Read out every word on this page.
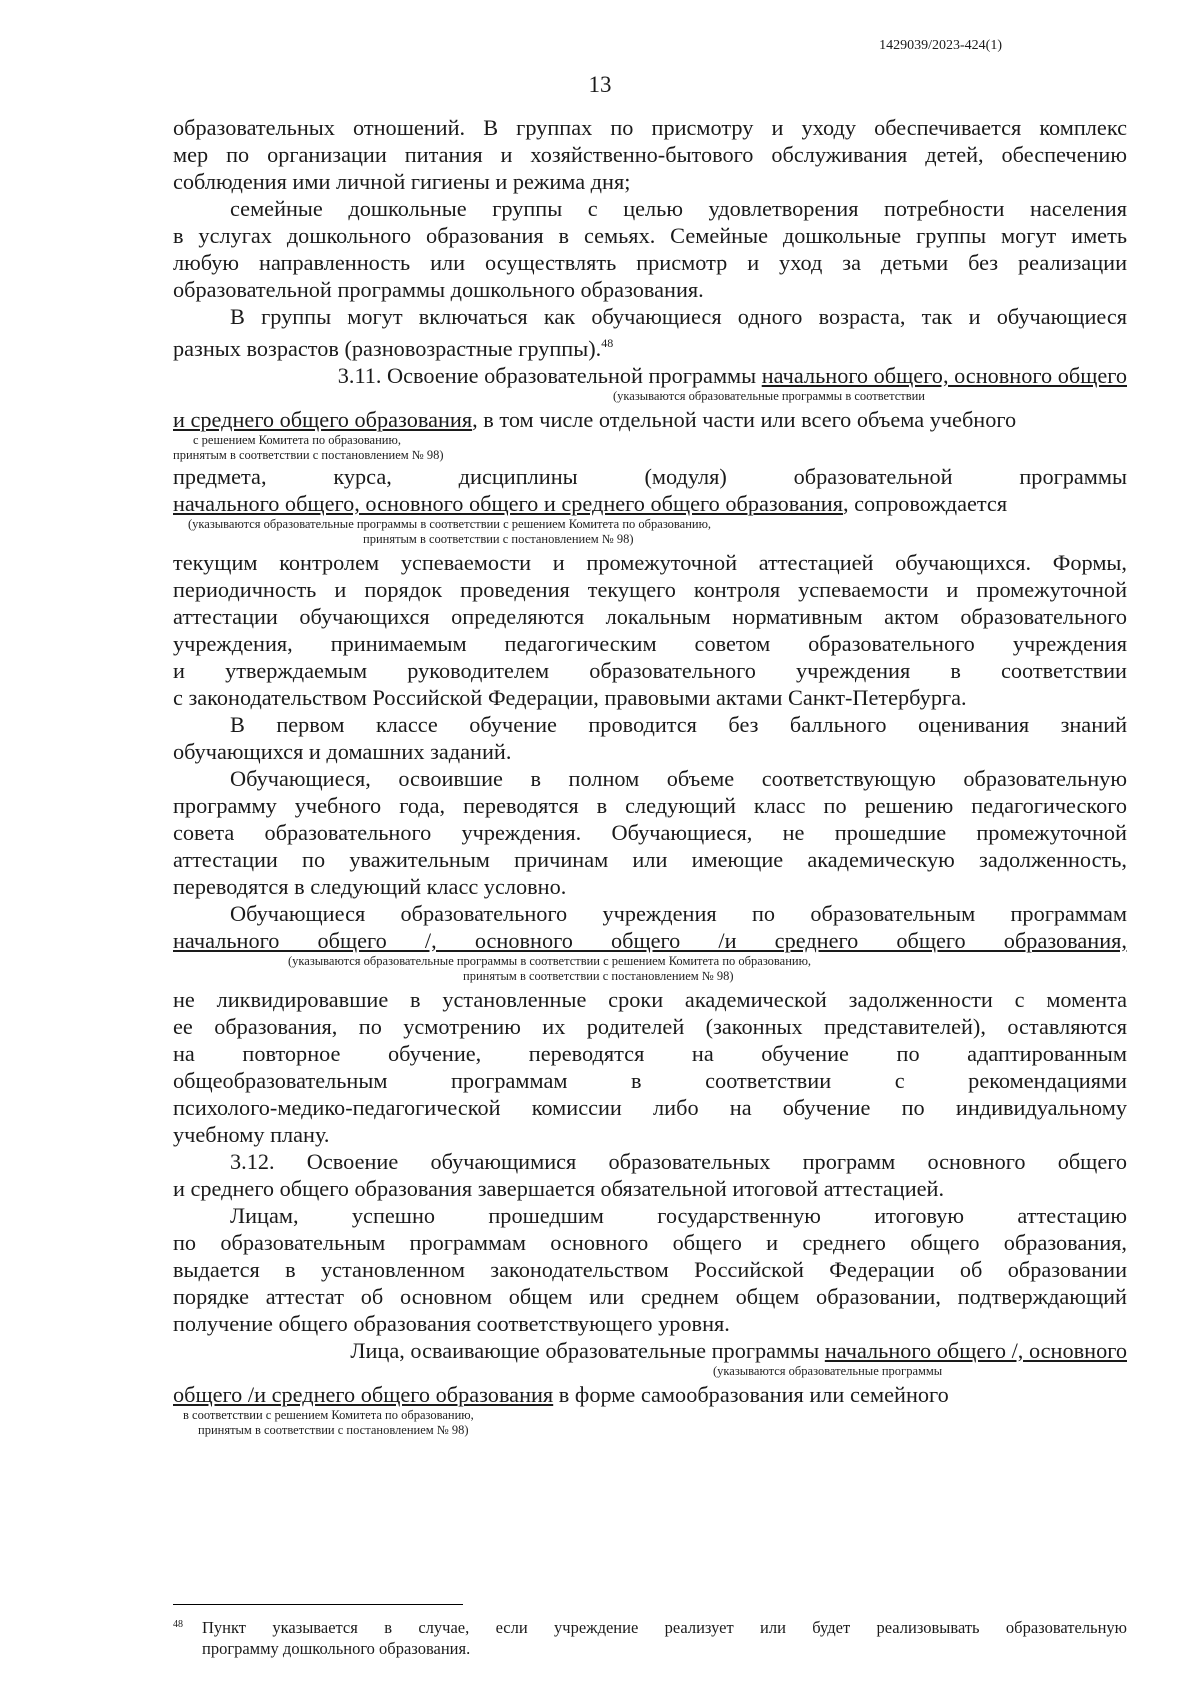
1429039/2023-424(1)
13
образовательных отношений. В группах по присмотру и уходу обеспечивается комплекс
мер по организации питания и хозяйственно-бытового обслуживания детей, обеспечению
соблюдения ими личной гигиены и режима дня;
семейные дошкольные группы с целью удовлетворения потребности населения
в услугах дошкольного образования в семьях. Семейные дошкольные группы могут иметь
любую направленность или осуществлять присмотр и уход за детьми без реализации
образовательной программы дошкольного образования.
В группы могут включаться как обучающиеся одного возраста, так и обучающиеся
разных возрастов (разновозрастные группы).$^{48}$
3.11. Освоение образовательной программы начального общего, основного общего
(указываются образовательные программы в соответствии
и среднего общего образования, в том числе отдельной части или всего объема учебного
с решением Комитета по образованию,
принятым в соответствии с постановлением № 98)
предмета, курса, дисциплины (модуля) образовательной программы
начального общего, основного общего и среднего общего образования, сопровождается
(указываются образовательные программы в соответствии с решением Комитета по образованию,
принятым в соответствии с постановлением № 98)
текущим контролем успеваемости и промежуточной аттестацией обучающихся. Формы,
периодичность и порядок проведения текущего контроля успеваемости и промежуточной
аттестации обучающихся определяются локальным нормативным актом образовательного
учреждения, принимаемым педагогическим советом образовательного учреждения
и утверждаемым руководителем образовательного учреждения в соответствии
с законодательством Российской Федерации, правовыми актами Санкт-Петербурга.
В первом классе обучение проводится без балльного оценивания знаний
обучающихся и домашних заданий.
Обучающиеся, освоившие в полном объеме соответствующую образовательную
программу учебного года, переводятся в следующий класс по решению педагогического
совета образовательного учреждения. Обучающиеся, не прошедшие промежуточной
аттестации по уважительным причинам или имеющие академическую задолженность,
переводятся в следующий класс условно.
Обучающиеся образовательного учреждения по образовательным программам
начального общего /, основного общего /и среднего общего образования,
(указываются образовательные программы в соответствии с решением Комитета по образованию,
принятым в соответствии с постановлением № 98)
не ликвидировавшие в установленные сроки академической задолженности с момента
ее образования, по усмотрению их родителей (законных представителей), оставляются
на повторное обучение, переводятся на обучение по адаптированным
общеобразовательным программам в соответствии с рекомендациями
психолого-медико-педагогической комиссии либо на обучение по индивидуальному
учебному плану.
3.12. Освоение обучающимися образовательных программ основного общего
и среднего общего образования завершается обязательной итоговой аттестацией.
Лицам, успешно прошедшим государственную итоговую аттестацию
по образовательным программам основного общего и среднего общего образования,
выдается в установленном законодательством Российской Федерации об образовании
порядке аттестат об основном общем или среднем общем образовании, подтверждающий
получение общего образования соответствующего уровня.
Лица, осваивающие образовательные программы начального общего /, основного
(указываются образовательные программы
общего /и среднего общего образования в форме самообразования или семейного
в соответствии с решением Комитета по образованию,
принятым в соответствии с постановлением № 98)
48	Пункт указывается в случае, если учреждение реализует или будет реализовывать образовательную
программу дошкольного образования.
